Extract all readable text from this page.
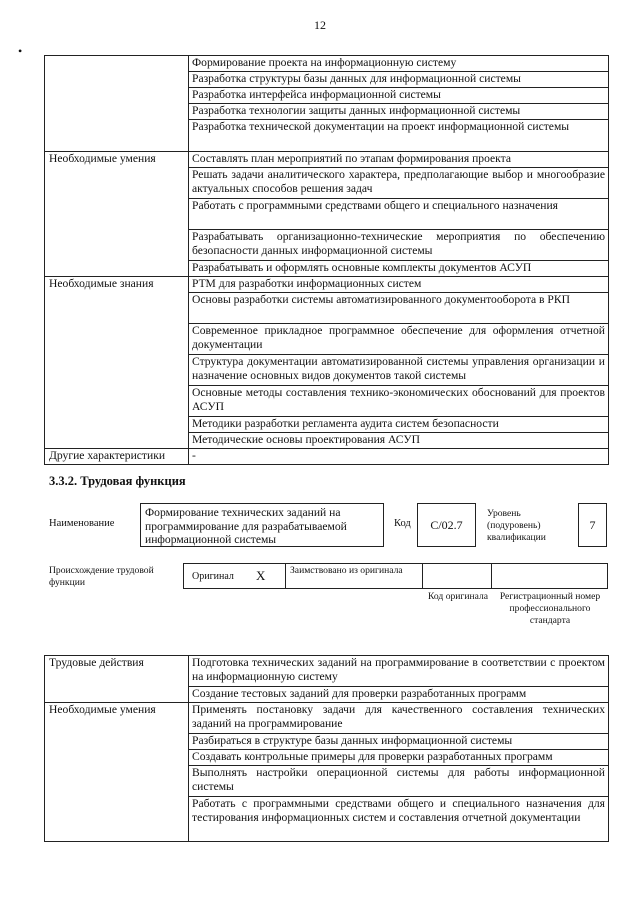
12
•
	Формирование проекта на информационную систему
	Разработка структуры базы данных для информационной системы
	Разработка интерфейса информационной системы
	Разработка технологии защиты данных информационной системы
	Разработка технической документации на проект информационной системы
Необходимые умения	Составлять план мероприятий по этапам формирования проекта
	Решать задачи аналитического характера, предполагающие выбор и многообразие актуальных способов решения задач
	Работать с программными средствами общего и специального назначения
	Разрабатывать организационно-технические мероприятия по обеспечению безопасности данных информационной системы
	Разрабатывать и оформлять основные комплекты документов АСУП
Необходимые знания	РТМ для разработки информационных систем
	Основы разработки системы автоматизированного документооборота в РКП
	Современное прикладное программное обеспечение для оформления отчетной документации
	Структура документации автоматизированной системы управления организации и назначение основных видов документов такой системы
	Основные методы составления технико-экономических обоснований для проектов АСУП
	Методики разработки регламента аудита систем безопасности
	Методические основы проектирования АСУП
Другие характеристики	-
3.3.2. Трудовая функция
Наименование
Формирование технических заданий на программирование для разрабатываемой информационной системы
Код	C/02.7
Уровень (подуровень) квалификации
7
Происхождение трудовой функции
Оригинал X	Заимствовано из оригинала
Код оригинала Регистрационный номер профессионального стандарта
Трудовые действия	Подготовка технических заданий на программирование в соответствии с проектом на информационную систему
	Создание тестовых заданий для проверки разработанных программ
Необходимые умения	Применять постановку задачи для качественного составления технических заданий на программирование
	Разбираться в структуре базы данных информационной системы
	Создавать контрольные примеры для проверки разработанных программ
	Выполнять настройки операционной системы для работы информационной системы
	Работать с программными средствами общего и специального назначения для тестирования информационных систем и составления отчетной документации
